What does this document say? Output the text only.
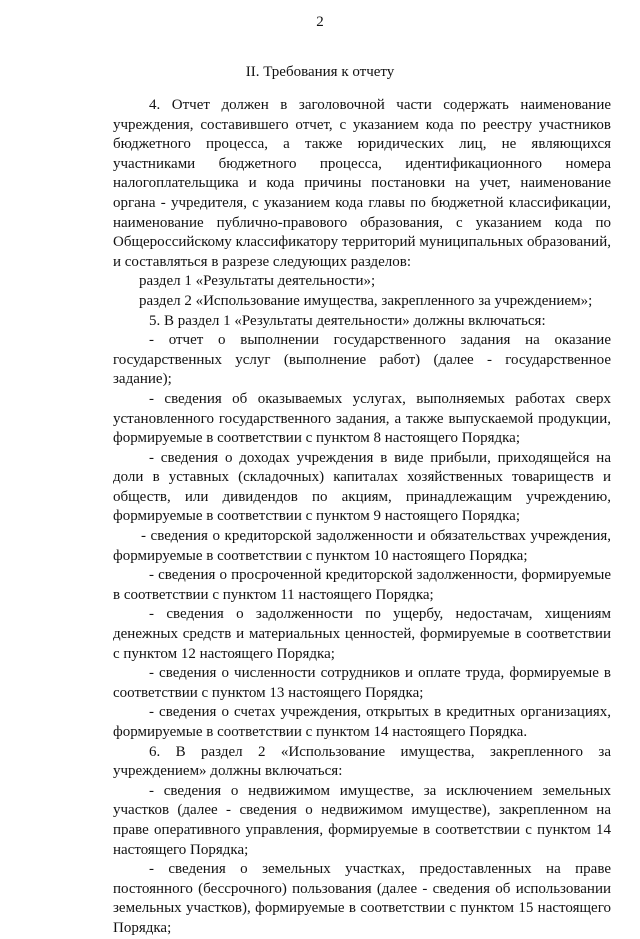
2
II. Требования к отчету

4. Отчет должен в заголовочной части содержать наименование учреждения, составившего отчет, с указанием кода по реестру участников бюджетного процесса, а также юридических лиц, не являющихся участниками бюджетного процесса, идентификационного номера налогоплательщика и кода причины постановки на учет, наименование органа - учредителя, с указанием кода главы по бюджетной классификации, наименование публично-правового образования, с указанием кода по Общероссийскому классификатору территорий муниципальных образований, и составляться в разрезе следующих разделов:

раздел 1 «Результаты деятельности»;

раздел 2 «Использование имущества, закрепленного за учреждением»;

5. В раздел 1 «Результаты деятельности» должны включаться:

- отчет о выполнении государственного задания на оказание государственных услуг (выполнение работ) (далее - государственное задание);

- сведения об оказываемых услугах, выполняемых работах сверх установленного государственного задания, а также выпускаемой продукции, формируемые в соответствии с пунктом 8 настоящего Порядка;

- сведения о доходах учреждения в виде прибыли, приходящейся на доли в уставных (складочных) капиталах хозяйственных товариществ и обществ, или дивидендов по акциям, принадлежащим учреждению, формируемые в соответствии с пунктом 9 настоящего Порядка;

- сведения о кредиторской задолженности и обязательствах учреждения, формируемые в соответствии с пунктом 10 настоящего Порядка;

- сведения о просроченной кредиторской задолженности, формируемые в соответствии с пунктом 11 настоящего Порядка;

- сведения о задолженности по ущербу, недостачам, хищениям денежных средств и материальных ценностей, формируемые в соответствии с пунктом 12 настоящего Порядка;

- сведения о численности сотрудников и оплате труда, формируемые в соответствии с пунктом 13 настоящего Порядка;

- сведения о счетах учреждения, открытых в кредитных организациях, формируемые в соответствии с пунктом 14 настоящего Порядка.

6. В раздел 2 «Использование имущества, закрепленного за учреждением» должны включаться:

- сведения о недвижимом имуществе, за исключением земельных участков (далее - сведения о недвижимом имуществе), закрепленном на праве оперативного управления, формируемые в соответствии с пунктом 14 настоящего Порядка;

- сведения о земельных участках, предоставленных на праве постоянного (бессрочного) пользования (далее - сведения об использовании земельных участков), формируемые в соответствии с пунктом 15 настоящего Порядка;
